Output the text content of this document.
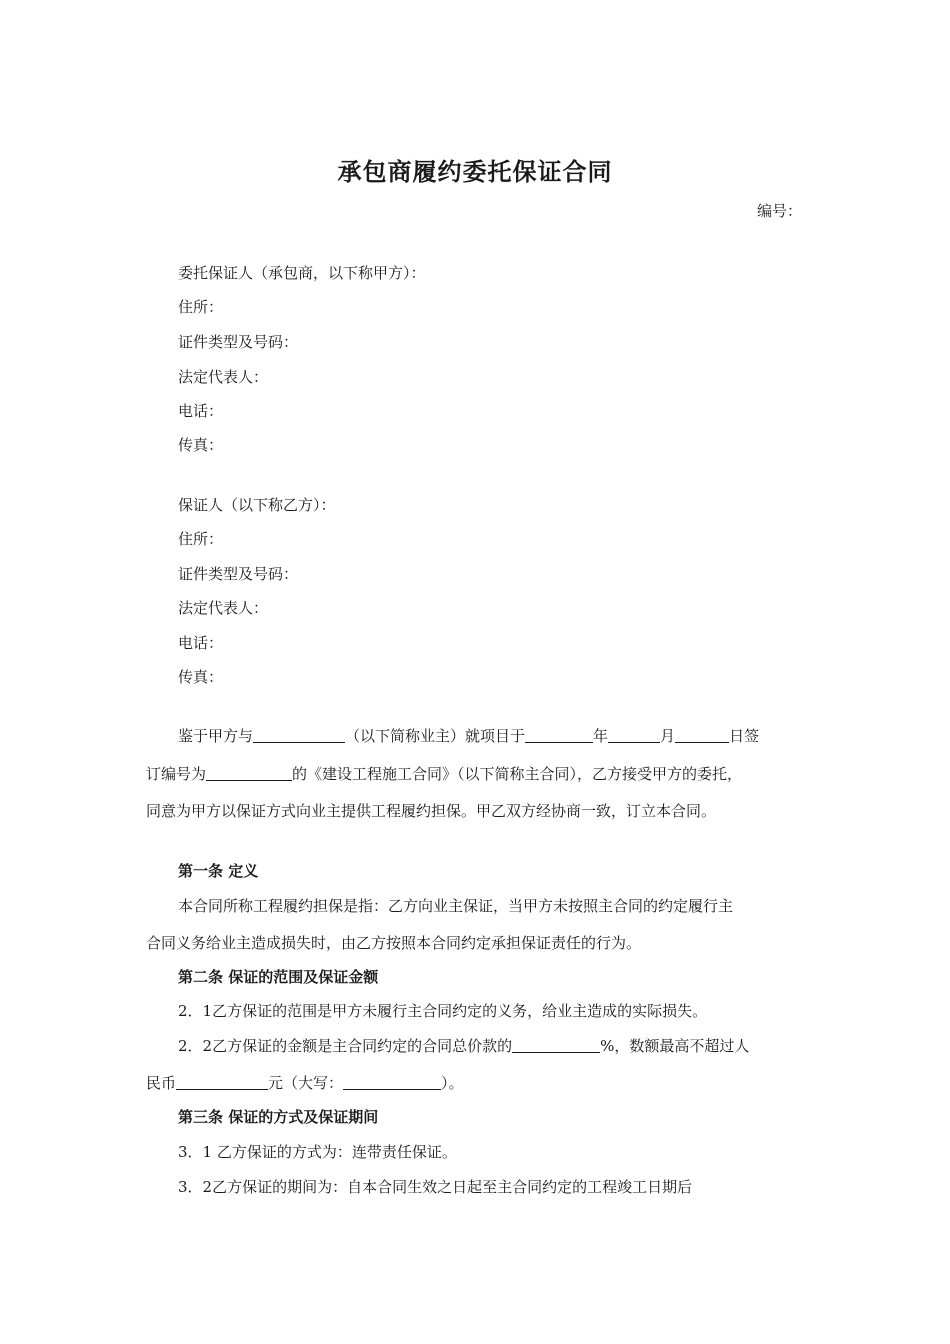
承包商履约委托保证合同
编号：
委托保证人（承包商，以下称甲方）：
住所：
证件类型及号码：
法定代表人：
电话：
传真：
保证人（以下称乙方）：
住所：
证件类型及号码：
法定代表人：
电话：
传真：
鉴于甲方与	（以下简称业主）就项目于	年	月	日签
订编号为	的《建设工程施工合同》（以下简称主合同），乙方接受甲方的委托，
同意为甲方以保证方式向业主提供工程履约担保。甲乙双方经协商一致，订立本合同。
第一条 定义
本合同所称工程履约担保是指：乙方向业主保证，当甲方未按照主合同的约定履行主
合同义务给业主造成损失时，由乙方按照本合同约定承担保证责任的行为。
第二条 保证的范围及保证金额
2．1乙方保证的范围是甲方未履行主合同约定的义务，给业主造成的实际损失。
2．2乙方保证的金额是主合同约定的合同总价款的	%，数额最高不超过人
民币	元（大写：	）。
第三条 保证的方式及保证期间
3．1 乙方保证的方式为：连带责任保证。
3．2乙方保证的期间为：自本合同生效之日起至主合同约定的工程竣工日期后
